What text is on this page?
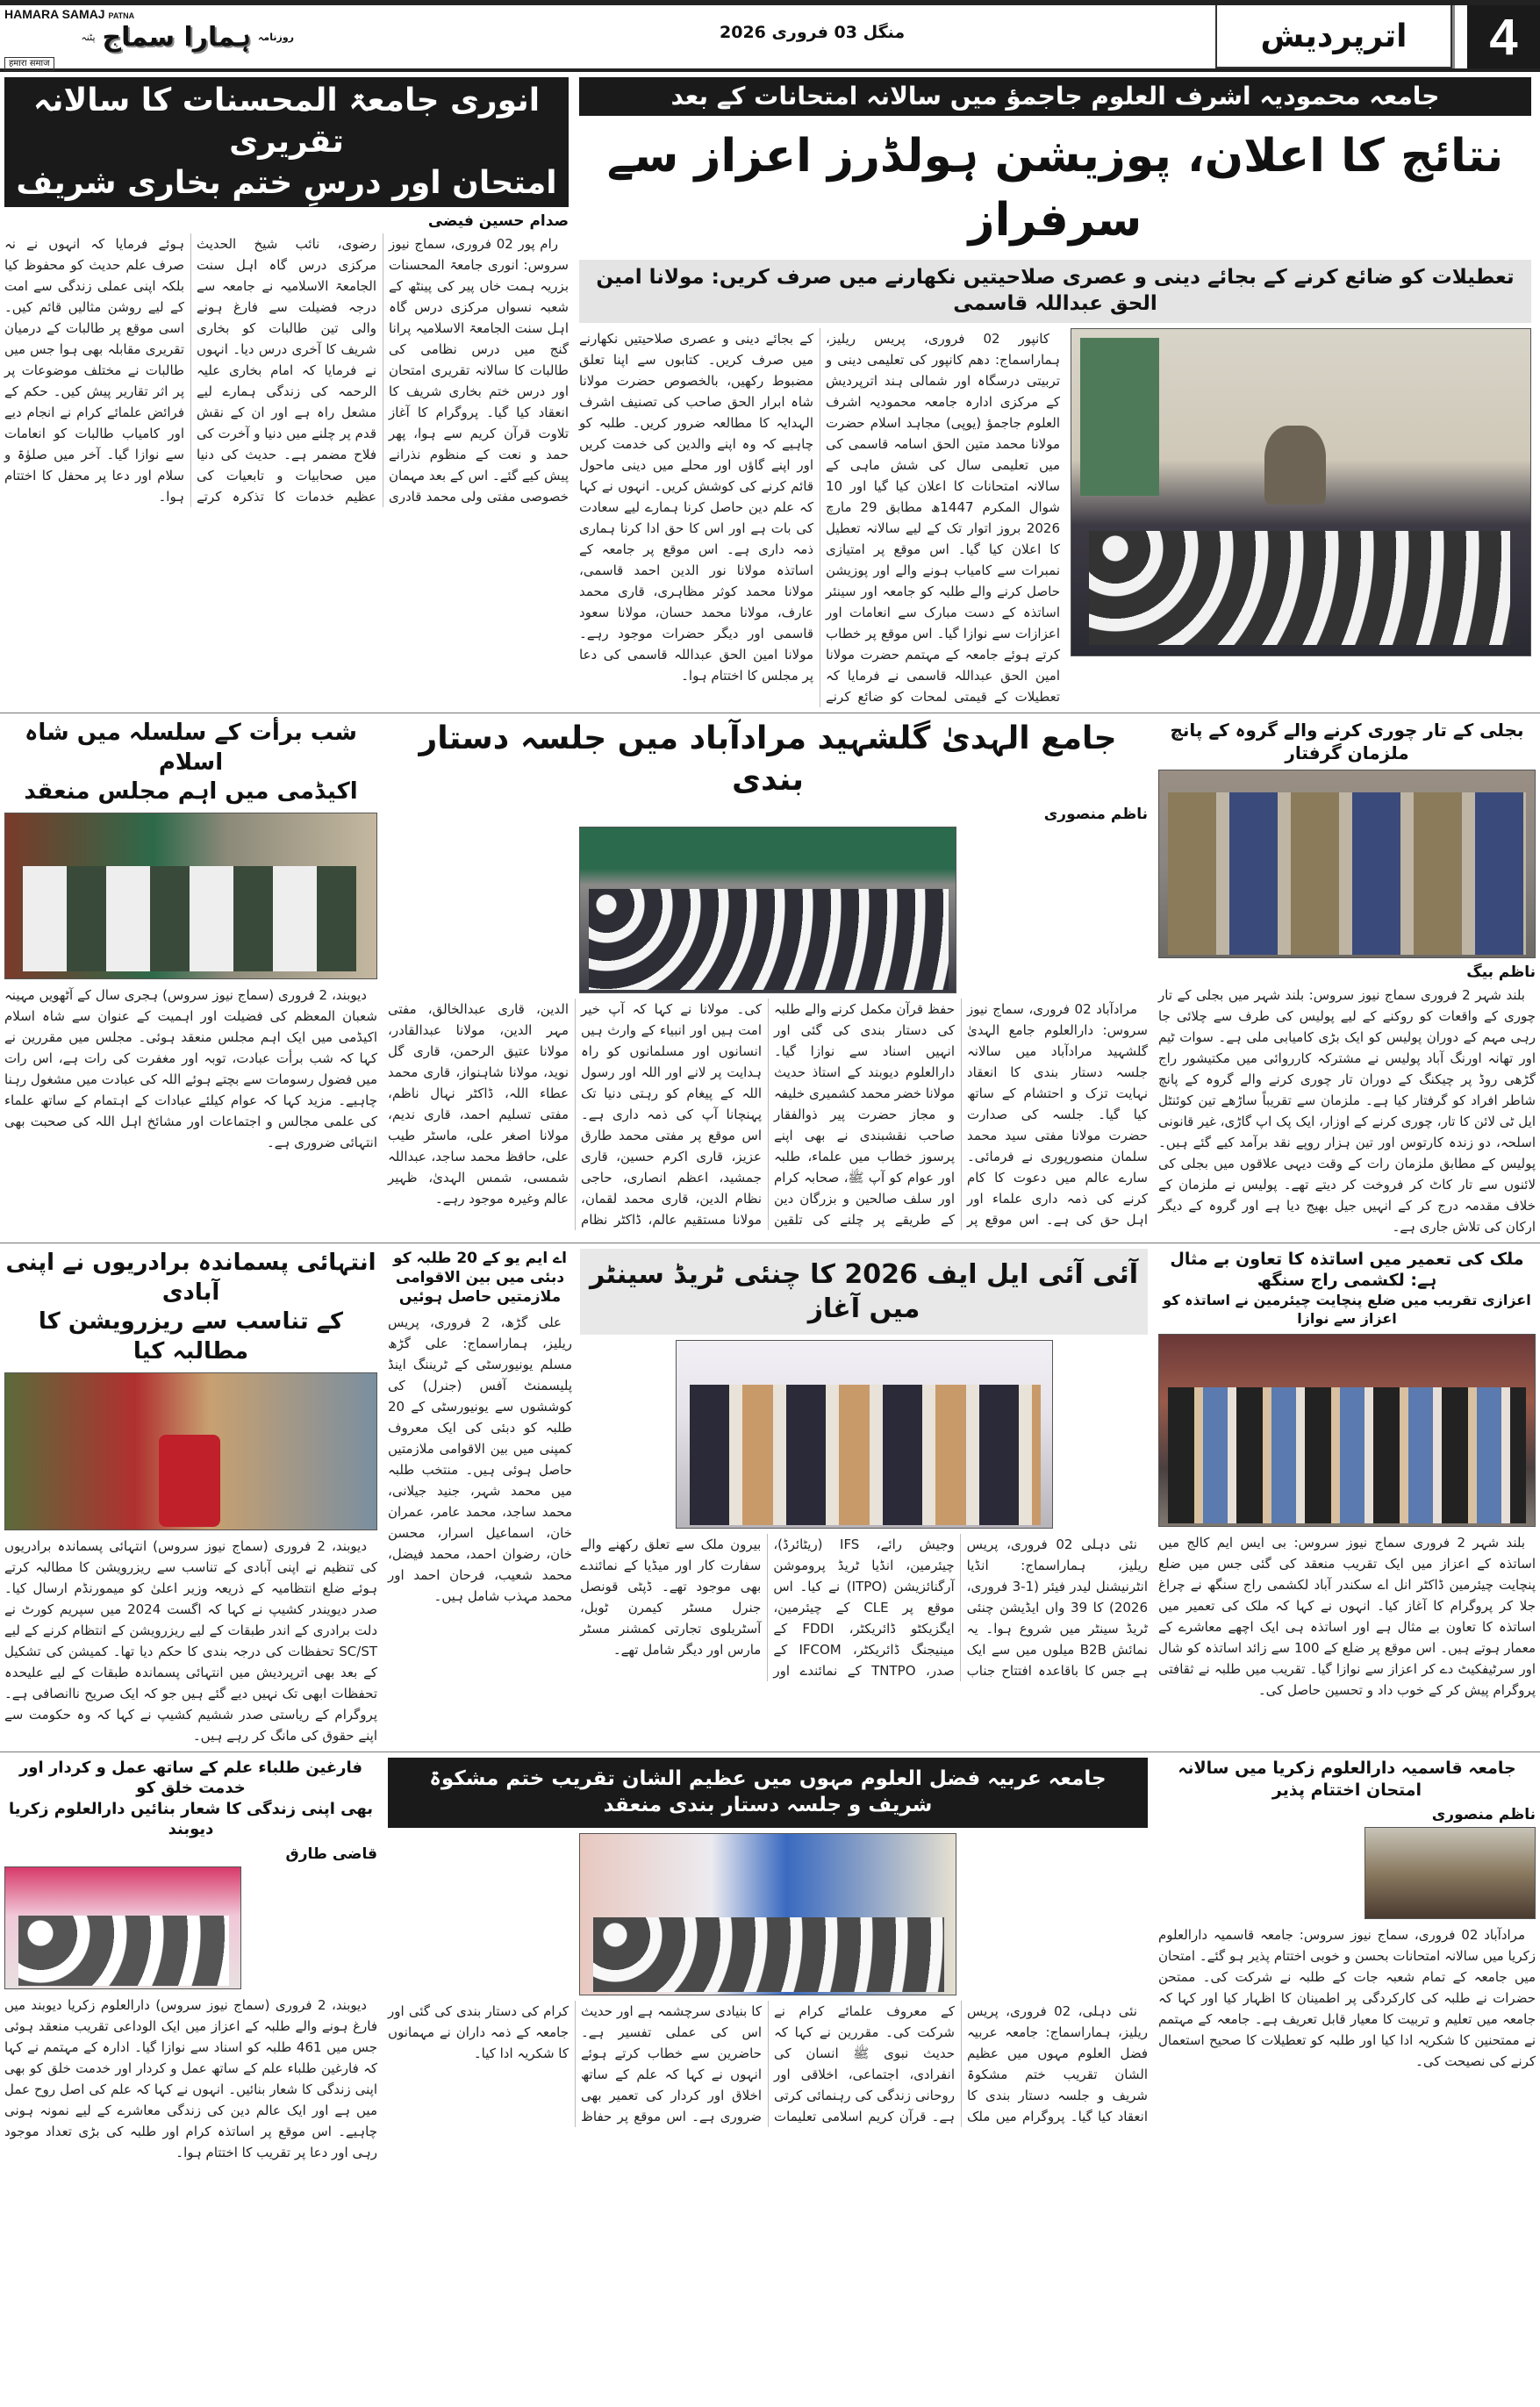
HAMARA SAMAJ PATNA
روزنامہ
ہمارا سماج
پٹنہ
हमारा समाज
منگل 03 فروری 2026	اترپردیش	4
انوری جامعۃ المحسنات کا سالانہ تقریری
امتحان اور درسِ ختم بخاری شریف
صدام حسین فیضی

رام پور 02 فروری، سماج نیوز سروس: انوری جامعۃ المحسنات بزریہ ہمت خاں پیر کی پینٹھ کے شعبہ نسواں مرکزی درس گاہ اہل سنت الجامعۃ الاسلامیہ پرانا گنج میں درس نظامی کی طالبات کا سالانہ تقریری امتحان اور درس ختم بخاری شریف کا انعقاد کیا گیا۔ پروگرام کا آغاز تلاوت قرآن کریم سے ہوا، پھر حمد و نعت کے منظوم نذرانے پیش کیے گئے۔ اس کے بعد مہمان خصوصی مفتی ولی محمد قادری رضوی، نائب شیخ الحدیث مرکزی درس گاہ اہل سنت الجامعۃ الاسلامیہ نے جامعہ سے درجہ فضیلت سے فارغ ہونے والی تین طالبات کو بخاری شریف کا آخری درس دیا۔ انہوں نے فرمایا کہ امام بخاری علیہ الرحمہ کی زندگی ہمارے لیے مشعل راہ ہے اور ان کے نقش قدم پر چلنے میں دنیا و آخرت کی فلاح مضمر ہے۔ حدیث کی دنیا میں صحابیات و تابعیات کی عظیم خدمات کا تذکرہ کرتے ہوئے فرمایا کہ انہوں نے نہ صرف علم حدیث کو محفوظ کیا بلکہ اپنی عملی زندگی سے امت کے لیے روشن مثالیں قائم کیں۔ اسی موقع پر طالبات کے درمیان تقریری مقابلہ بھی ہوا جس میں طالبات نے مختلف موضوعات پر پر اثر تقاریر پیش کیں۔ حکم کے فرائض علمائے کرام نے انجام دیے اور کامیاب طالبات کو انعامات سے نوازا گیا۔ آخر میں صلوٰۃ و سلام اور دعا پر محفل کا اختتام ہوا۔

جامعہ محمودیہ اشرف العلوم جاجمؤ میں سالانہ امتحانات کے بعد
نتائج کا اعلان، پوزیشن ہولڈرز اعزاز سے سرفراز
تعطیلات کو ضائع کرنے کے بجائے دینی و عصری صلاحیتیں نکھارنے میں صرف کریں: مولانا امین الحق عبداللہ قاسمی

کانپور 02 فروری، پریس ریلیز، ہماراسماج: دھم کانپور کی تعلیمی دینی و تربیتی درسگاہ اور شمالی ہند اترپردیش کے مرکزی ادارہ جامعہ محمودیہ اشرف العلوم جاجمؤ (یوپی) مجاہد اسلام حضرت مولانا محمد متین الحق اسامہ قاسمی کی میں تعلیمی سال کی شش ماہی کے سالانہ امتحانات کا اعلان کیا گیا اور 10 شوال المکرم 1447ھ مطابق 29 مارچ 2026 بروز اتوار تک کے لیے سالانہ تعطیل کا اعلان کیا گیا۔ اس موقع پر امتیازی نمبرات سے کامیاب ہونے والے اور پوزیشن حاصل کرنے والے طلبہ کو جامعہ اور سینئر اساتذہ کے دست مبارک سے انعامات اور اعزازات سے نوازا گیا۔ اس موقع پر خطاب کرتے ہوئے جامعہ کے مہتمم حضرت مولانا امین الحق عبداللہ قاسمی نے فرمایا کہ تعطیلات کے قیمتی لمحات کو ضائع کرنے کے بجائے دینی و عصری صلاحیتیں نکھارنے میں صرف کریں۔ کتابوں سے اپنا تعلق مضبوط رکھیں، بالخصوص حضرت مولانا شاہ ابرار الحق صاحب کی تصنیف اشرف الہدایہ کا مطالعہ ضرور کریں۔ طلبہ کو چاہیے کہ وہ اپنے والدین کی خدمت کریں اور اپنے گاؤں اور محلے میں دینی ماحول قائم کرنے کی کوشش کریں۔ انہوں نے کہا کہ علم دین حاصل کرنا ہمارے لیے سعادت کی بات ہے اور اس کا حق ادا کرنا ہماری ذمہ داری ہے۔ اس موقع پر جامعہ کے اساتذہ مولانا نور الدین احمد قاسمی، مولانا محمد کوثر مظاہری، قاری محمد عارف، مولانا محمد حسان، مولانا سعود قاسمی اور دیگر حضرات موجود رہے۔ مولانا امین الحق عبداللہ قاسمی کی دعا پر مجلس کا اختتام ہوا۔

شب برأت کے سلسلہ میں شاہ اسلام
اکیڈمی میں اہم مجلس منعقد

دیوبند، 2 فروری (سماج نیوز سروس) ہجری سال کے آٹھویں مہینہ شعبان المعظم کی فضیلت اور اہمیت کے عنوان سے شاہ اسلام اکیڈمی میں ایک اہم مجلس منعقد ہوئی۔ مجلس میں مقررین نے کہا کہ شب برأت عبادت، توبہ اور مغفرت کی رات ہے، اس رات میں فضول رسومات سے بچتے ہوئے اللہ کی عبادت میں مشغول رہنا چاہیے۔ مزید کہا کہ عوام کیلئے عبادات کے اہتمام کے ساتھ علماء کی علمی مجالس و اجتماعات اور مشائخ اہل اللہ کی صحبت بھی انتہائی ضروری ہے۔

جامع الہدیٰ گلشہید مرادآباد میں جلسہ دستار بندی
ناظم منصوری

مرادآباد 02 فروری، سماج نیوز سروس: دارالعلوم جامع الہدیٰ گلشہید مرادآباد میں سالانہ جلسہ دستار بندی کا انعقاد نہایت تزک و احتشام کے ساتھ کیا گیا۔ جلسہ کی صدارت حضرت مولانا مفتی سید محمد سلمان منصورپوری نے فرمائی۔ سارے عالم میں دعوت کا کام کرنے کی ذمہ داری علماء اور اہل حق کی ہے۔ اس موقع پر حفظ قرآن مکمل کرنے والے طلبہ کی دستار بندی کی گئی اور انہیں اسناد سے نوازا گیا۔ دارالعلوم دیوبند کے استاذ حدیث مولانا خضر محمد کشمیری خلیفہ و مجاز حضرت پیر ذوالفقار صاحب نقشبندی نے بھی اپنے پرسوز خطاب میں علماء، طلبہ اور عوام کو آپ ﷺ، صحابہ کرام اور سلف صالحین و بزرگان دین کے طریقے پر چلنے کی تلقین کی۔ مولانا نے کہا کہ آپ خیر امت ہیں اور انبیاء کے وارث ہیں انسانوں اور مسلمانوں کو راہ ہدایت پر لانے اور اللہ اور رسول اللہ کے پیغام کو رہتی دنیا تک پہنچانا آپ کی ذمہ داری ہے۔ اس موقع پر مفتی محمد طارق عزیز، قاری اکرم حسین، قاری جمشید، اعظم انصاری، حاجی نظام الدین، قاری محمد لقمان، مولانا مستقیم عالم، ڈاکٹر نظام الدین، قاری عبدالخالق، مفتی مہر الدین، مولانا عبدالقادر، مولانا عتیق الرحمن، قاری گل نوید، مولانا شاہنواز، قاری محمد عطاء اللہ، ڈاکٹر نہال ناظم، مفتی تسلیم احمد، قاری ندیم، مولانا اصغر علی، ماسٹر طیب علی، حافظ محمد ساجد، عبداللہ شمسی، شمس الہدیٰ، ظہیر عالم وغیرہ موجود رہے۔

بجلی کے تار چوری کرنے والے گروہ کے پانچ ملزمان گرفتار
ناظم بیگ

بلند شہر 2 فروری سماج نیوز سروس: بلند شہر میں بجلی کے تار چوری کے واقعات کو روکنے کے لیے پولیس کی طرف سے چلائی جا رہی مہم کے دوران پولیس کو ایک بڑی کامیابی ملی ہے۔ سوات ٹیم اور تھانہ اورنگ آباد پولیس نے مشترکہ کارروائی میں مکتیشور راج گڑھی روڈ پر چیکنگ کے دوران تار چوری کرنے والے گروہ کے پانچ شاطر افراد کو گرفتار کیا ہے۔ ملزمان سے تقریباً ساڑھے تین کوئنٹل ایل ٹی لائن کا تار، چوری کرنے کے اوزار، ایک پک اپ گاڑی، غیر قانونی اسلحہ، دو زندہ کارتوس اور تین ہزار روپے نقد برآمد کیے گئے ہیں۔ پولیس کے مطابق ملزمان رات کے وقت دیہی علاقوں میں بجلی کی لائنوں سے تار کاٹ کر فروخت کر دیتے تھے۔ پولیس نے ملزمان کے خلاف مقدمہ درج کر کے انہیں جیل بھیج دیا ہے اور گروہ کے دیگر ارکان کی تلاش جاری ہے۔

انتہائی پسماندہ برادریوں نے اپنی آبادی
کے تناسب سے ریزرویشن کا مطالبہ کیا

دیوبند، 2 فروری (سماج نیوز سروس) انتہائی پسماندہ برادریوں کی تنظیم نے اپنی آبادی کے تناسب سے ریزرویشن کا مطالبہ کرتے ہوئے ضلع انتظامیہ کے ذریعہ وزیر اعلیٰ کو میمورنڈم ارسال کیا۔ صدر دیویندر کشیپ نے کہا کہ اگست 2024 میں سپریم کورٹ نے دلت برادری کے اندر طبقات کے لیے ریزرویشن کے انتظام کرنے کے لیے SC/ST تحفظات کی درجہ بندی کا حکم دیا تھا۔ کمیشن کی تشکیل کے بعد بھی اترپردیش میں انتہائی پسماندہ طبقات کے لیے علیحدہ تحفظات ابھی تک نہیں دیے گئے ہیں جو کہ ایک صریح ناانصافی ہے۔ پروگرام کے ریاستی صدر ششیم کشیپ نے کہا کہ وہ حکومت سے اپنے حقوق کی مانگ کر رہے ہیں۔

اے ایم یو کے 20 طلبہ کو دبئی میں بین الاقوامی ملازمتیں حاصل ہوئیں

علی گڑھ، 2 فروری، پریس ریلیز، ہماراسماج: علی گڑھ مسلم یونیورسٹی کے ٹریننگ اینڈ پلیسمنٹ آفس (جنرل) کی کوششوں سے یونیورسٹی کے 20 طلبہ کو دبئی کی ایک معروف کمپنی میں بین الاقوامی ملازمتیں حاصل ہوئی ہیں۔ منتخب طلبہ میں محمد شہر، جنید جیلانی، محمد ساجد، محمد عامر، عمران خان، اسماعیل اسرار، محسن خان، رضوان احمد، محمد فیضل، محمد شعیب، فرحان احمد اور محمد مہذب شامل ہیں۔

آئی آئی ایل ایف 2026 کا چنئی ٹریڈ سینٹر میں آغاز

نئی دہلی 02 فروری، پریس ریلیز، ہماراسماج: انڈیا انٹرنیشنل لیدر فیئر (1-3 فروری، 2026) کا 39 واں ایڈیشن چنئی ٹریڈ سینٹر میں شروع ہوا۔ یہ نمائش B2B میلوں میں سے ایک ہے جس کا باقاعدہ افتتاح جناب وجیش رائے، IFS (ریٹائرڈ)، چیئرمین، انڈیا ٹریڈ پروموشن آرگنائزیشن (ITPO) نے کیا۔ اس موقع پر CLE کے چیئرمین، ایگزیکٹو ڈائریکٹر، FDDI کے مینیجنگ ڈائریکٹر، IFCOM کے صدر، TNTPO کے نمائندے اور بیرون ملک سے تعلق رکھنے والے سفارت کار اور میڈیا کے نمائندے بھی موجود تھے۔ ڈپٹی قونصل جنرل مسٹر کیمرن ٹوبل، آسٹریلوی تجارتی کمشنر مسٹر مارس اور دیگر شامل تھے۔

ملک کی تعمیر میں اساتذہ کا تعاون بے مثال ہے: لکشمی راج سنگھ
اعزازی تقریب میں ضلع پنچایت چیئرمین نے اساتذہ کو اعزاز سے نوازا

بلند شہر 2 فروری سماج نیوز سروس: بی ایس ایم کالج میں اساتذہ کے اعزاز میں ایک تقریب منعقد کی گئی جس میں ضلع پنچایت چیئرمین ڈاکٹر انل اے سکندر آباد لکشمی راج سنگھ نے چراغ جلا کر پروگرام کا آغاز کیا۔ انہوں نے کہا کہ ملک کی تعمیر میں اساتذہ کا تعاون بے مثال ہے اور اساتذہ ہی ایک اچھے معاشرے کے معمار ہوتے ہیں۔ اس موقع پر ضلع کے 100 سے زائد اساتذہ کو شال اور سرٹیفکیٹ دے کر اعزاز سے نوازا گیا۔ تقریب میں طلبہ نے ثقافتی پروگرام پیش کر کے خوب داد و تحسین حاصل کی۔

فارغین طلباء علم کے ساتھ عمل و کردار اور خدمت خلق کو
بھی اپنی زندگی کا شعار بنائیں دارالعلوم زکریا دیوبند
قاضی طارق

دیوبند، 2 فروری (سماج نیوز سروس) دارالعلوم زکریا دیوبند میں فارغ ہونے والے طلبہ کے اعزاز میں ایک الوداعی تقریب منعقد ہوئی جس میں 461 طلبہ کو اسناد سے نوازا گیا۔ ادارہ کے مہتمم نے کہا کہ فارغین طلباء علم کے ساتھ عمل و کردار اور خدمت خلق کو بھی اپنی زندگی کا شعار بنائیں۔ انہوں نے کہا کہ علم کی اصل روح عمل میں ہے اور ایک عالم دین کی زندگی معاشرے کے لیے نمونہ ہونی چاہیے۔ اس موقع پر اساتذہ کرام اور طلبہ کی بڑی تعداد موجود رہی اور دعا پر تقریب کا اختتام ہوا۔

جامعہ عربیہ فضل العلوم مہوں میں عظیم الشان تقریب ختم مشکوۃ شریف و جلسہ دستار بندی منعقد

نئی دہلی، 02 فروری، پریس ریلیز، ہماراسماج: جامعہ عربیہ فضل العلوم مہوں میں عظیم الشان تقریب ختم مشکوۃ شریف و جلسہ دستار بندی کا انعقاد کیا گیا۔ پروگرام میں ملک کے معروف علمائے کرام نے شرکت کی۔ مقررین نے کہا کہ حدیث نبوی ﷺ انسان کی انفرادی، اجتماعی، اخلاقی اور روحانی زندگی کی رہنمائی کرتی ہے۔ قرآن کریم اسلامی تعلیمات کا بنیادی سرچشمہ ہے اور حدیث اس کی عملی تفسیر ہے۔ حاضرین سے خطاب کرتے ہوئے انہوں نے کہا کہ علم کے ساتھ اخلاق اور کردار کی تعمیر بھی ضروری ہے۔ اس موقع پر حفاظ کرام کی دستار بندی کی گئی اور جامعہ کے ذمہ داران نے مہمانوں کا شکریہ ادا کیا۔

جامعہ قاسمیہ دارالعلوم زکریا میں سالانہ امتحان اختتام پذیر
ناظم منصوری

مرادآباد 02 فروری، سماج نیوز سروس: جامعہ قاسمیہ دارالعلوم زکریا میں سالانہ امتحانات بحسن و خوبی اختتام پذیر ہو گئے۔ امتحان میں جامعہ کے تمام شعبہ جات کے طلبہ نے شرکت کی۔ ممتحن حضرات نے طلبہ کی کارکردگی پر اطمینان کا اظہار کیا اور کہا کہ جامعہ میں تعلیم و تربیت کا معیار قابل تعریف ہے۔ جامعہ کے مہتمم نے ممتحنین کا شکریہ ادا کیا اور طلبہ کو تعطیلات کا صحیح استعمال کرنے کی نصیحت کی۔
